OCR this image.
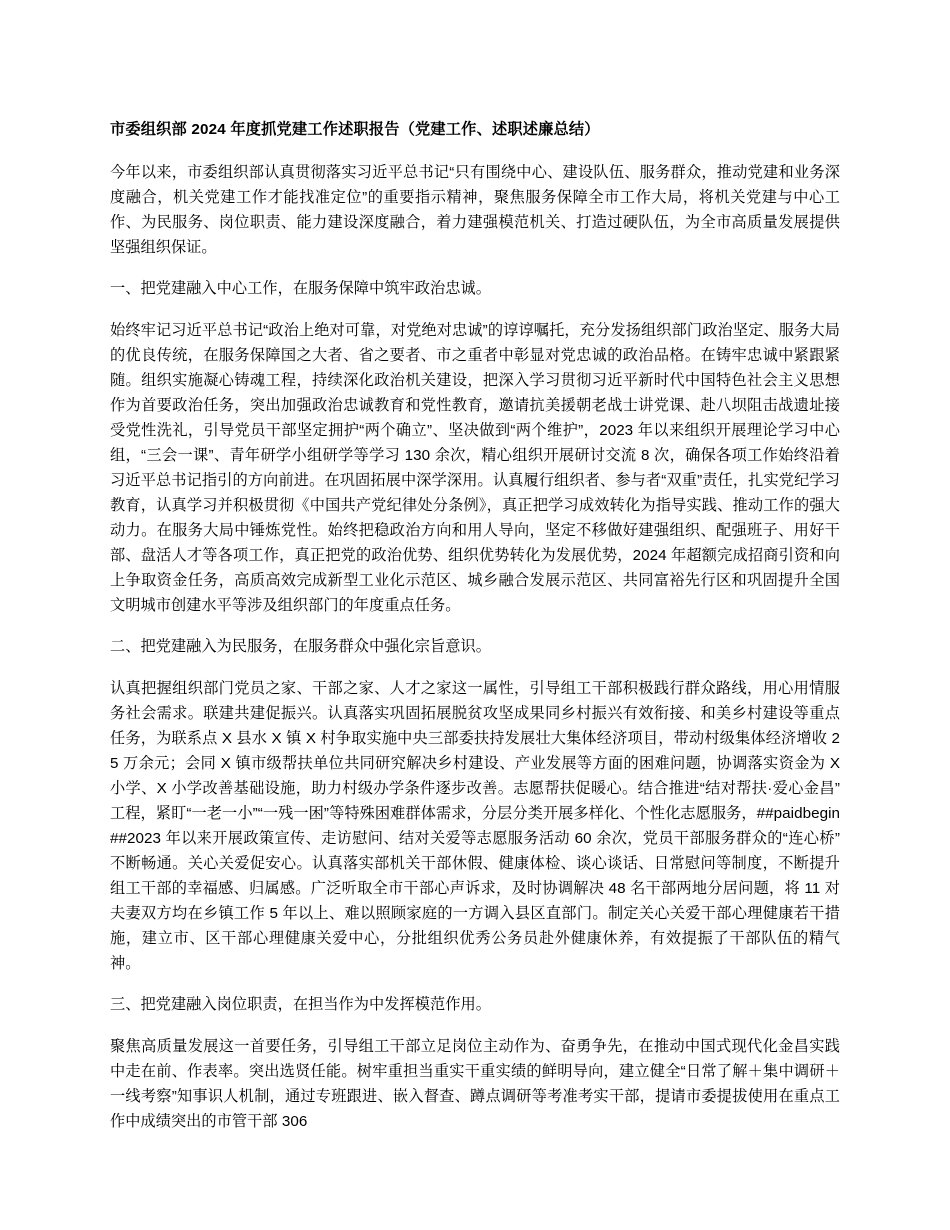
市委组织部 2024 年度抓党建工作述职报告（党建工作、述职述廉总结）

今年以来，市委组织部认真贯彻落实习近平总书记“只有围绕中心、建设队伍、服务群众，推动党建和业务深度融合，机关党建工作才能找准定位”的重要指示精神，聚焦服务保障全市工作大局，将机关党建与中心工作、为民服务、岗位职责、能力建设深度融合，着力建强模范机关、打造过硬队伍，为全市高质量发展提供坚强组织保证。

一、把党建融入中心工作，在服务保障中筑牢政治忠诚。

始终牢记习近平总书记“政治上绝对可靠，对党绝对忠诚”的谆谆嘱托，充分发扬组织部门政治坚定、服务大局的优良传统，在服务保障国之大者、省之要者、市之重者中彰显对党忠诚的政治品格。在铸牢忠诚中紧跟紧随。组织实施凝心铸魂工程，持续深化政治机关建设，把深入学习贯彻习近平新时代中国特色社会主义思想作为首要政治任务，突出加强政治忠诚教育和党性教育，邀请抗美援朝老战士讲党课、赴八坝阻击战遗址接受党性洗礼，引导党员干部坚定拥护“两个确立”、坚决做到“两个维护”，2023 年以来组织开展理论学习中心组，“三会一课”、青年研学小组研学等学习 130 余次，精心组织开展研讨交流 8 次，确保各项工作始终沿着习近平总书记指引的方向前进。在巩固拓展中深学深用。认真履行组织者、参与者“双重”责任，扎实党纪学习教育，认真学习并积极贯彻《中国共产党纪律处分条例》，真正把学习成效转化为指导实践、推动工作的强大动力。在服务大局中锤炼党性。始终把稳政治方向和用人导向，坚定不移做好建强组织、配强班子、用好干部、盘活人才等各项工作，真正把党的政治优势、组织优势转化为发展优势，2024 年超额完成招商引资和向上争取资金任务，高质高效完成新型工业化示范区、城乡融合发展示范区、共同富裕先行区和巩固提升全国文明城市创建水平等涉及组织部门的年度重点任务。

二、把党建融入为民服务，在服务群众中强化宗旨意识。

认真把握组织部门党员之家、干部之家、人才之家这一属性，引导组工干部积极践行群众路线，用心用情服务社会需求。联建共建促振兴。认真落实巩固拓展脱贫攻坚成果同乡村振兴有效衔接、和美乡村建设等重点任务，为联系点 X 县水 X 镇 X 村争取实施中央三部委扶持发展壮大集体经济项目，带动村级集体经济增收 25 万余元；会同 X 镇市级帮扶单位共同研究解决乡村建设、产业发展等方面的困难问题，协调落实资金为 X 小学、X 小学改善基础设施，助力村级办学条件逐步改善。志愿帮扶促暖心。结合推进“结对帮扶·爱心金昌”工程，紧盯“一老一小”“一残一困”等特殊困难群体需求，分层分类开展多样化、个性化志愿服务，##paidbegin##2023 年以来开展政策宣传、走访慰问、结对关爱等志愿服务活动 60 余次，党员干部服务群众的“连心桥”不断畅通。关心关爱促安心。认真落实部机关干部休假、健康体检、谈心谈话、日常慰问等制度，不断提升组工干部的幸福感、归属感。广泛听取全市干部心声诉求，及时协调解决 48 名干部两地分居问题，将 11 对夫妻双方均在乡镇工作 5 年以上、难以照顾家庭的一方调入县区直部门。制定关心关爱干部心理健康若干措施，建立市、区干部心理健康关爱中心，分批组织优秀公务员赴外健康休养，有效提振了干部队伍的精气神。

三、把党建融入岗位职责，在担当作为中发挥模范作用。

聚焦高质量发展这一首要任务，引导组工干部立足岗位主动作为、奋勇争先，在推动中国式现代化金昌实践中走在前、作表率。突出选贤任能。树牢重担当重实干重实绩的鲜明导向，建立健全“日常了解＋集中调研＋一线考察”知事识人机制，通过专班跟进、嵌入督查、蹲点调研等考准考实干部，提请市委提拔使用在重点工作中成绩突出的市管干部 306
